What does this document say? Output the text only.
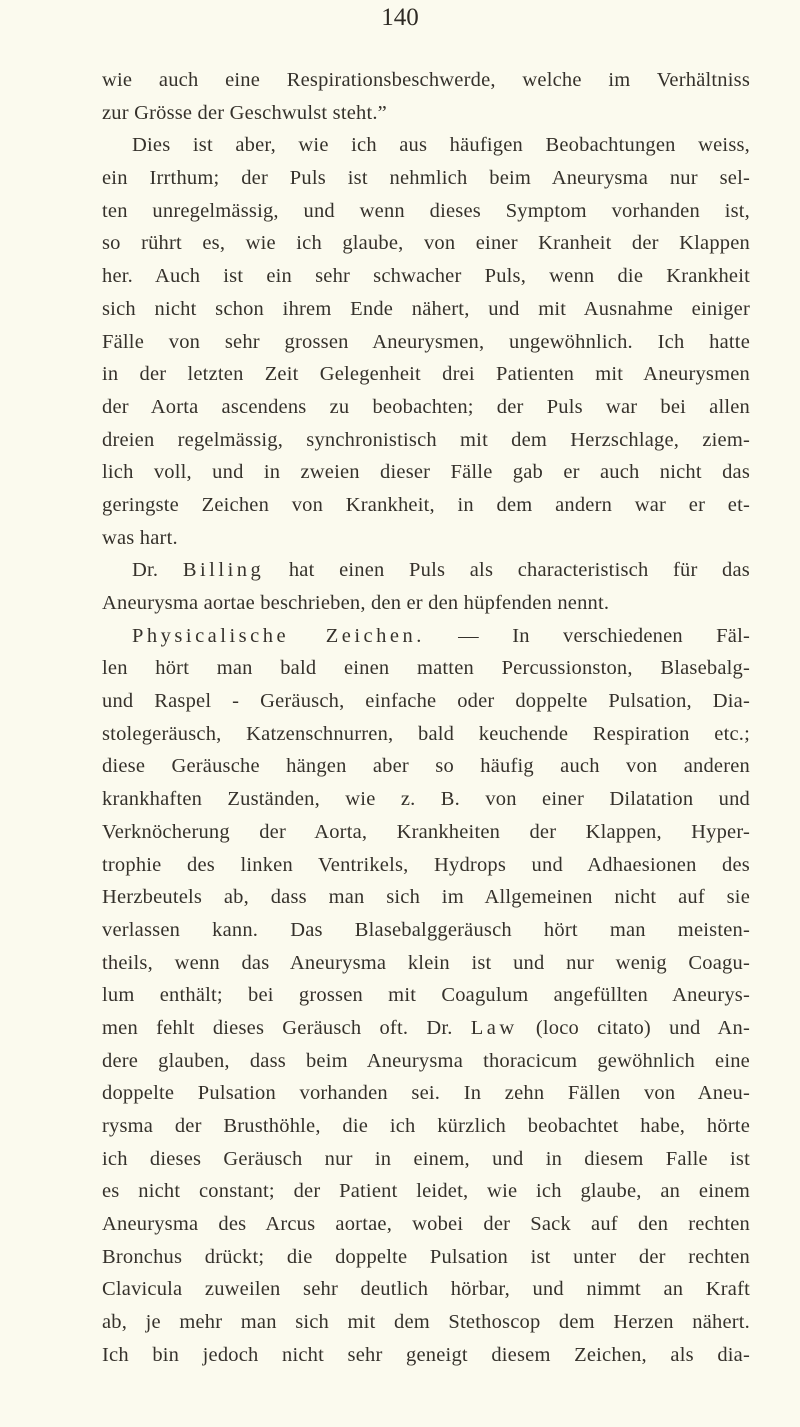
140
wie auch eine Respirationsbeschwerde, welche im Verhältniss
zur Grösse der Geschwulst steht.”
Dies ist aber, wie ich aus häufigen Beobachtungen weiss,
ein Irrthum; der Puls ist nehmlich beim Aneurysma nur sel-
ten unregelmässig, und wenn dieses Symptom vorhanden ist,
so rührt es, wie ich glaube, von einer Kranheit der Klappen
her. Auch ist ein sehr schwacher Puls, wenn die Krankheit
sich nicht schon ihrem Ende nähert, und mit Ausnahme einiger
Fälle von sehr grossen Aneurysmen, ungewöhnlich. Ich hatte
in der letzten Zeit Gelegenheit drei Patienten mit Aneurysmen
der Aorta ascendens zu beobachten; der Puls war bei allen
dreien regelmässig, synchronistisch mit dem Herzschlage, ziem-
lich voll, und in zweien dieser Fälle gab er auch nicht das
geringste Zeichen von Krankheit, in dem andern war er et-
was hart.
Dr. Billing hat einen Puls als characteristisch für das
Aneurysma aortae beschrieben, den er den hüpfenden nennt.
Physicalische Zeichen. — In verschiedenen Fäl-
len hört man bald einen matten Percussionston, Blasebalg-
und Raspel - Geräusch, einfache oder doppelte Pulsation, Dia-
stolegeräusch, Katzenschnurren, bald keuchende Respiration etc.;
diese Geräusche hängen aber so häufig auch von anderen
krankhaften Zuständen, wie z. B. von einer Dilatation und
Verknöcherung der Aorta, Krankheiten der Klappen, Hyper-
trophie des linken Ventrikels, Hydrops und Adhaesionen des
Herzbeutels ab, dass man sich im Allgemeinen nicht auf sie
verlassen kann. Das Blasebalggeräusch hört man meisten-
theils, wenn das Aneurysma klein ist und nur wenig Coagu-
lum enthält; bei grossen mit Coagulum angefüllten Aneurys-
men fehlt dieses Geräusch oft. Dr. Law (loco citato) und An-
dere glauben, dass beim Aneurysma thoracicum gewöhnlich eine
doppelte Pulsation vorhanden sei. In zehn Fällen von Aneu-
rysma der Brusthöhle, die ich kürzlich beobachtet habe, hörte
ich dieses Geräusch nur in einem, und in diesem Falle ist
es nicht constant; der Patient leidet, wie ich glaube, an einem
Aneurysma des Arcus aortae, wobei der Sack auf den rechten
Bronchus drückt; die doppelte Pulsation ist unter der rechten
Clavicula zuweilen sehr deutlich hörbar, und nimmt an Kraft
ab, je mehr man sich mit dem Stethoscop dem Herzen nähert.
Ich bin jedoch nicht sehr geneigt diesem Zeichen, als dia-
